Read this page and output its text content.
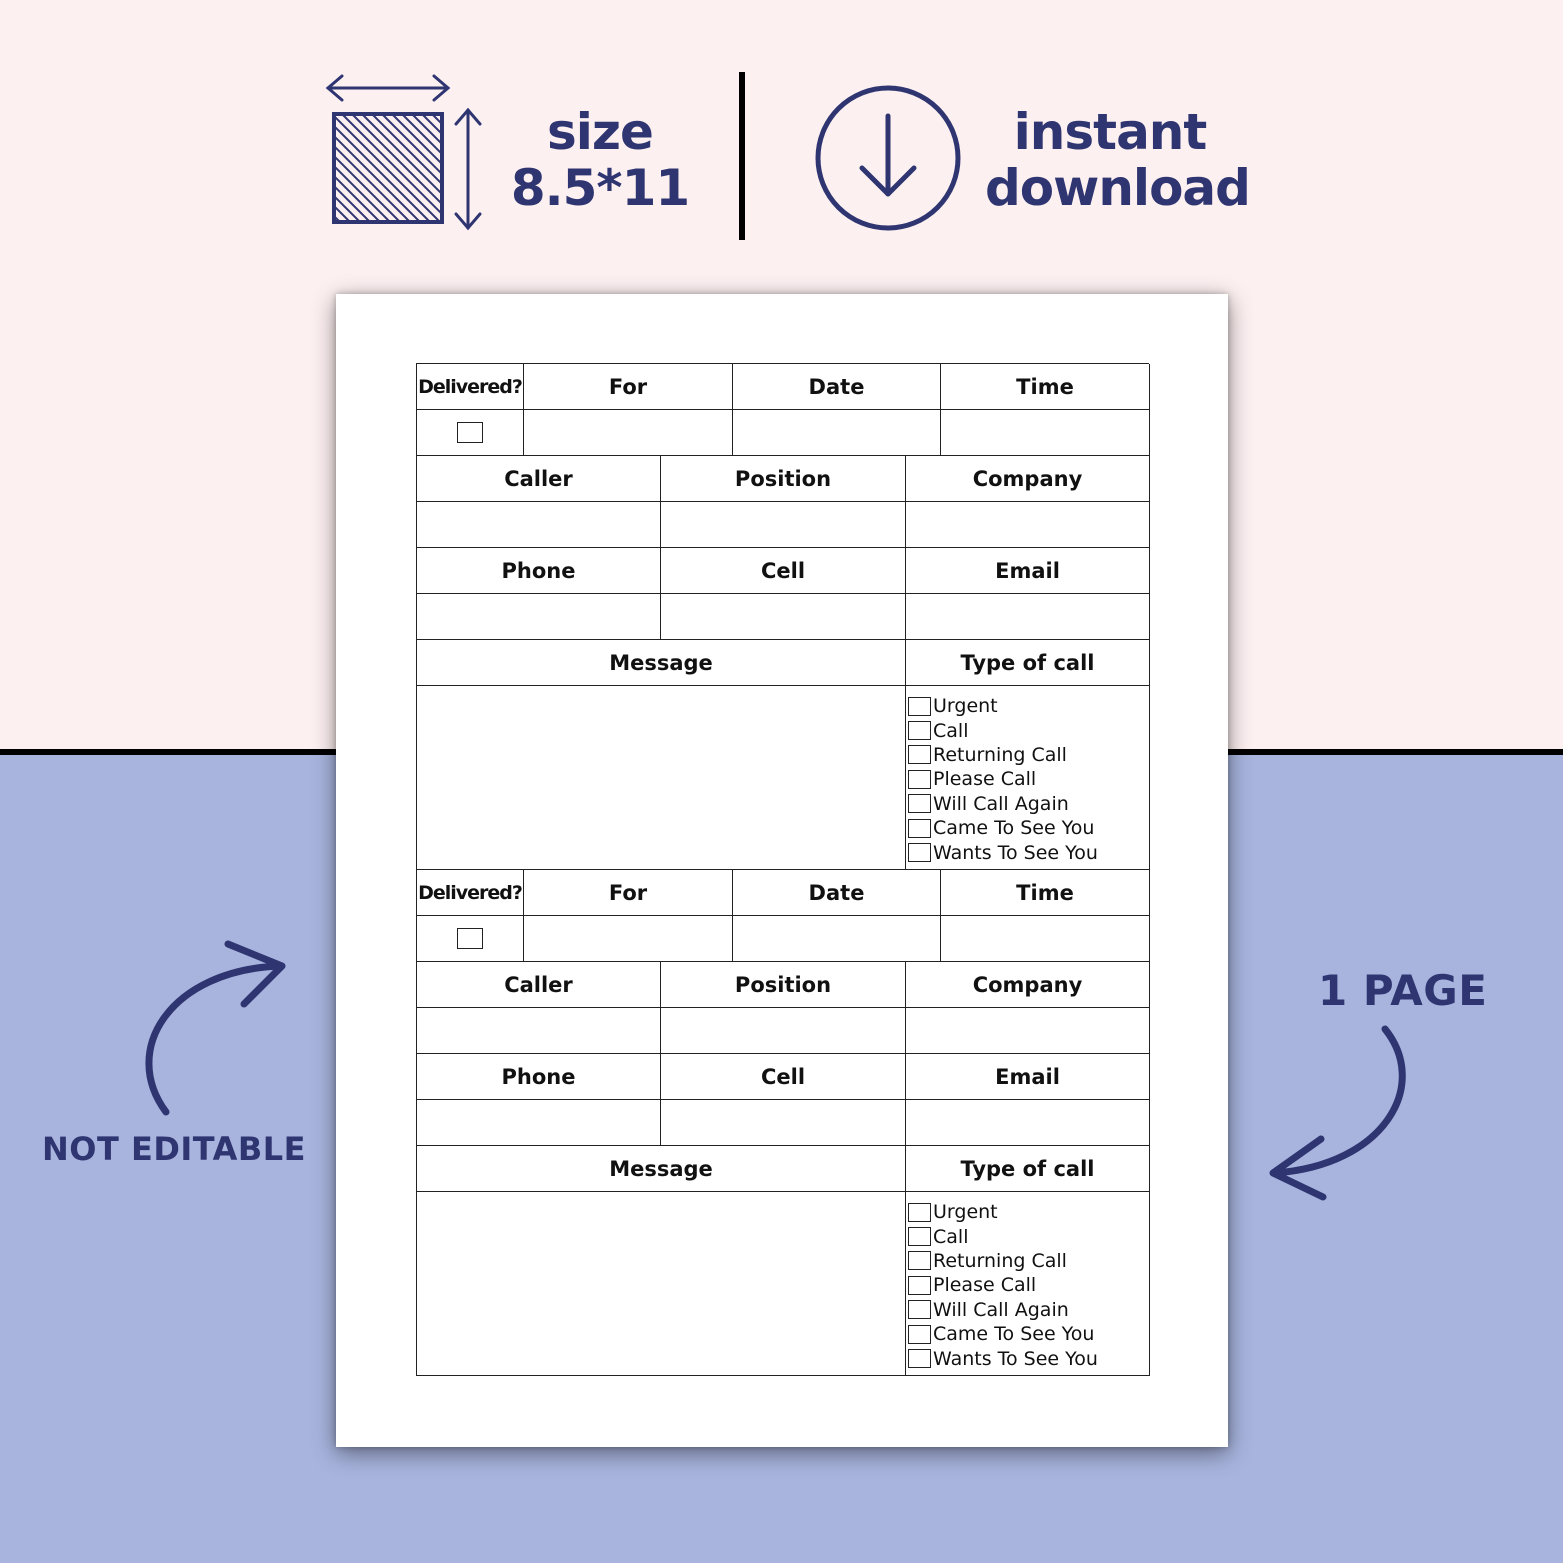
size
8.5*11
instant
download
NOT EDITABLE
1 PAGE
Delivered?	For	Date	Time
Caller	Position	Company
Phone	Cell	Email
Message	Type of call
Urgent
Call
Returning Call
Please Call
Will Call Again
Came To See You
Wants To See You
Delivered?	For	Date	Time
Caller	Position	Company
Phone	Cell	Email
Message	Type of call
Urgent
Call
Returning Call
Please Call
Will Call Again
Came To See You
Wants To See You
